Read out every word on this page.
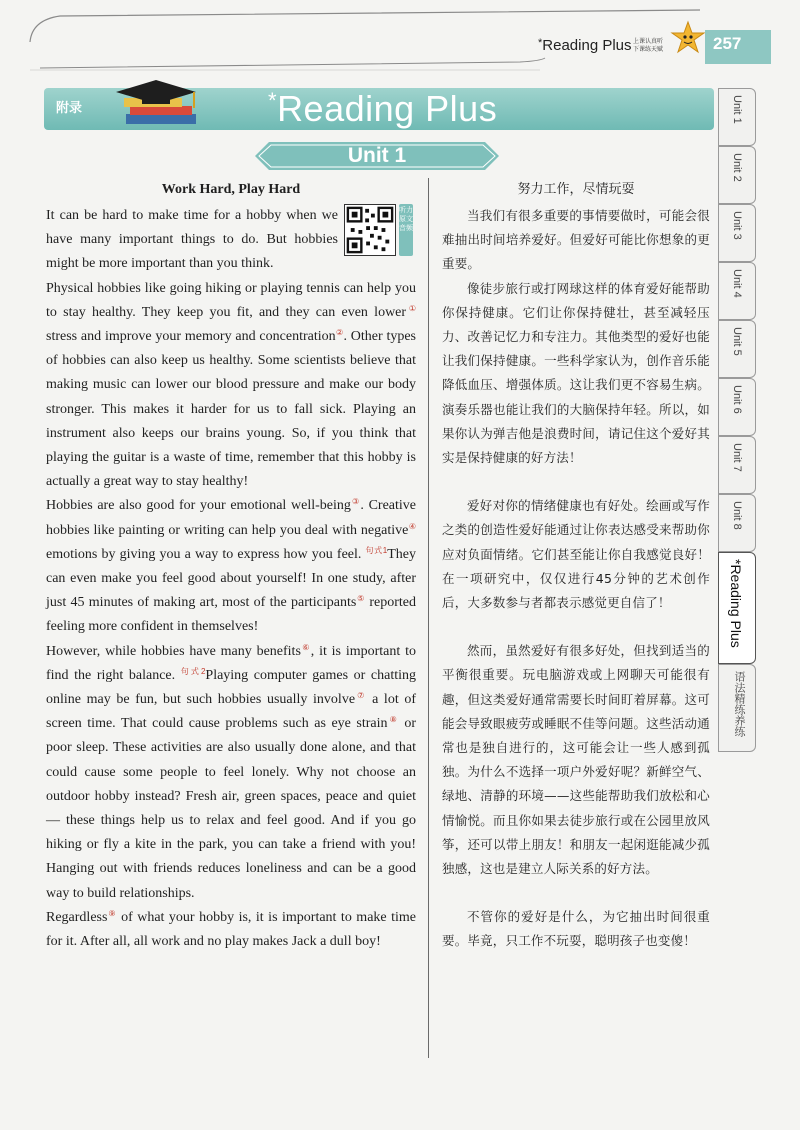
*Reading Plus 上课认真听 下课练天赋	257
附录	*Reading Plus
Unit 1
Work Hard, Play Hard
听力原文音频

It can be hard to make time for a hobby when we have many important things to do. But hobbies might be more important than you think.

Physical hobbies like going hiking or playing tennis can help you to stay healthy. They keep you fit, and they can even lower① stress and improve your memory and concentration②. Other types of hobbies can also keep us healthy. Some scientists believe that making music can lower our blood pressure and make our body stronger. This makes it harder for us to fall sick. Playing an instrument also keeps our brains young. So, if you think that playing the guitar is a waste of time, remember that this hobby is actually a great way to stay healthy!

Hobbies are also good for your emotional well-being③. Creative hobbies like painting or writing can help you deal with negative④ emotions by giving you a way to express how you feel. $^{句式1}$They can even make you feel good about yourself! In one study, after just 45 minutes of making art, most of the participants⑤ reported feeling more confident in themselves!

However, while hobbies have many benefits⑥, it is important to find the right balance. $^{句式2}$Playing computer games or chatting online may be fun, but such hobbies usually involve⑦ a lot of screen time. That could cause problems such as eye strain⑧ or poor sleep. These activities are also usually done alone, and that could cause some people to feel lonely. Why not choose an outdoor hobby instead? Fresh air, green spaces, peace and quiet — these things help us to relax and feel good. And if you go hiking or fly a kite in the park, you can take a friend with you! Hanging out with friends reduces loneliness and can be a good way to build relationships.

Regardless⑨ of what your hobby is, it is important to make time for it. After all, all work and no play makes Jack a dull boy!

努力工作，尽情玩耍

当我们有很多重要的事情要做时，可能会很难抽出时间培养爱好。但爱好可能比你想象的更重要。

像徒步旅行或打网球这样的体育爱好能帮助你保持健康。它们让你保持健壮，甚至减轻压力、改善记忆力和专注力。其他类型的爱好也能让我们保持健康。一些科学家认为，创作音乐能降低血压、增强体质。这让我们更不容易生病。演奏乐器也能让我们的大脑保持年轻。所以，如果你认为弹吉他是浪费时间，请记住这个爱好其实是保持健康的好方法！

爱好对你的情绪健康也有好处。绘画或写作之类的创造性爱好能通过让你表达感受来帮助你应对负面情绪。它们甚至能让你自我感觉良好！在一项研究中，仅仅进行45分钟的艺术创作后，大多数参与者都表示感觉更自信了！

然而，虽然爱好有很多好处，但找到适当的平衡很重要。玩电脑游戏或上网聊天可能很有趣，但这类爱好通常需要长时间盯着屏幕。这可能会导致眼疲劳或睡眠不佳等问题。这些活动通常也是独自进行的，这可能会让一些人感到孤独。为什么不选择一项户外爱好呢？新鲜空气、绿地、清静的环境——这些能帮助我们放松和心情愉悦。而且你如果去徒步旅行或在公园里放风筝，还可以带上朋友！和朋友一起闲逛能减少孤独感，这也是建立人际关系的好方法。

不管你的爱好是什么，为它抽出时间很重要。毕竟，只工作不玩耍，聪明孩子也变傻！

Unit 1
Unit 2
Unit 3
Unit 4
Unit 5
Unit 6
Unit 7
Unit 8
*Reading Plus
语法精练养练
